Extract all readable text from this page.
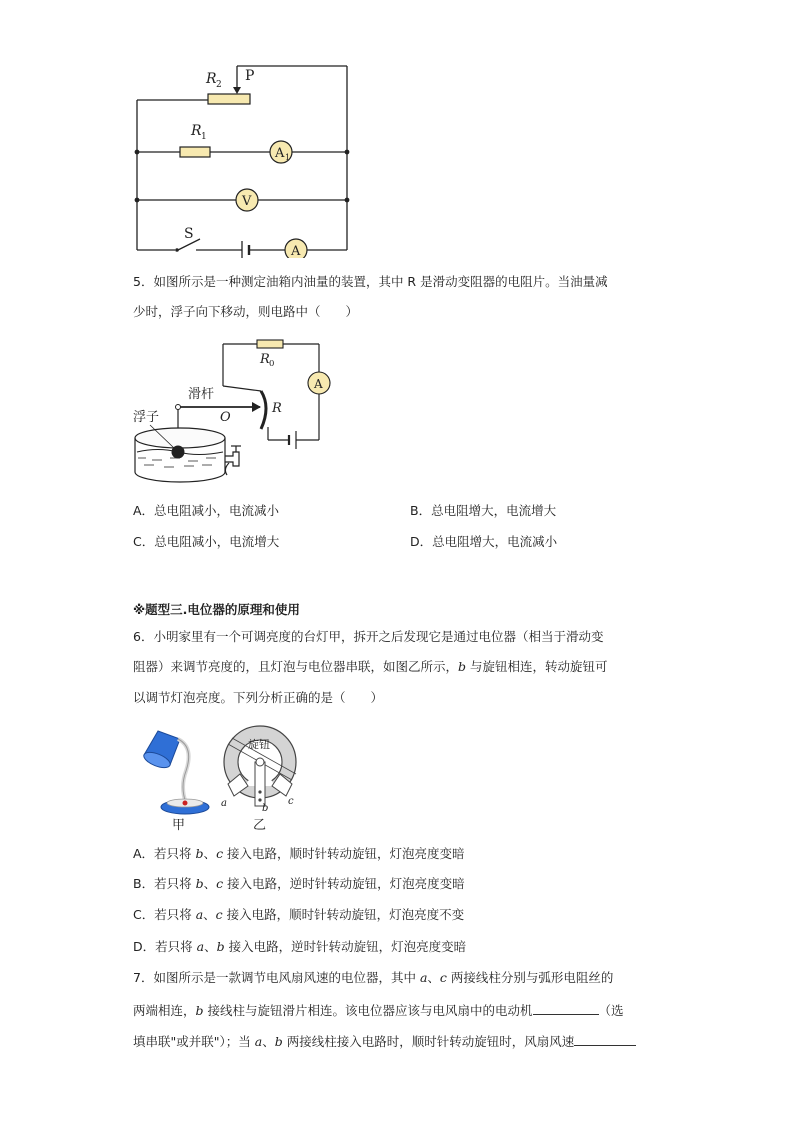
R 2
P
R 1
A 1
V
S
A
5．如图所示是一种测定油箱内油量的装置，其中 R 是滑动变阻器的电阻片。当油量减
少时，浮子向下移动，则电路中（　　）
R 0
A
滑杆
O
R
浮子
A．总电阻减小，电流减小	B．总电阻增大，电流增大
C．总电阻减小，电流增大	D．总电阻增大，电流减小
※题型三.电位器的原理和使用
6．小明家里有一个可调亮度的台灯甲，拆开之后发现它是通过电位器（相当于滑动变
阻器）来调节亮度的，且灯泡与电位器串联，如图乙所示，b 与旋钮相连，转动旋钮可
以调节灯泡亮度。下列分析正确的是（　　）
甲
旋钮
a	b
c
乙
A．若只将 b、c 接入电路，顺时针转动旋钮，灯泡亮度变暗
B．若只将 b、c 接入电路，逆时针转动旋钮，灯泡亮度变暗
C．若只将 a、c 接入电路，顺时针转动旋钮，灯泡亮度不变
D．若只将 a、b 接入电路，逆时针转动旋钮，灯泡亮度变暗
7．如图所示是一款调节电风扇风速的电位器，其中 a、c 两接线柱分别与弧形电阻丝的
两端相连，b 接线柱与旋钮滑片相连。该电位器应该与电风扇中的电动机	（选
填串联"或并联"）；当 a、b 两接线柱接入电路时，顺时针转动旋钮时，风扇风速
